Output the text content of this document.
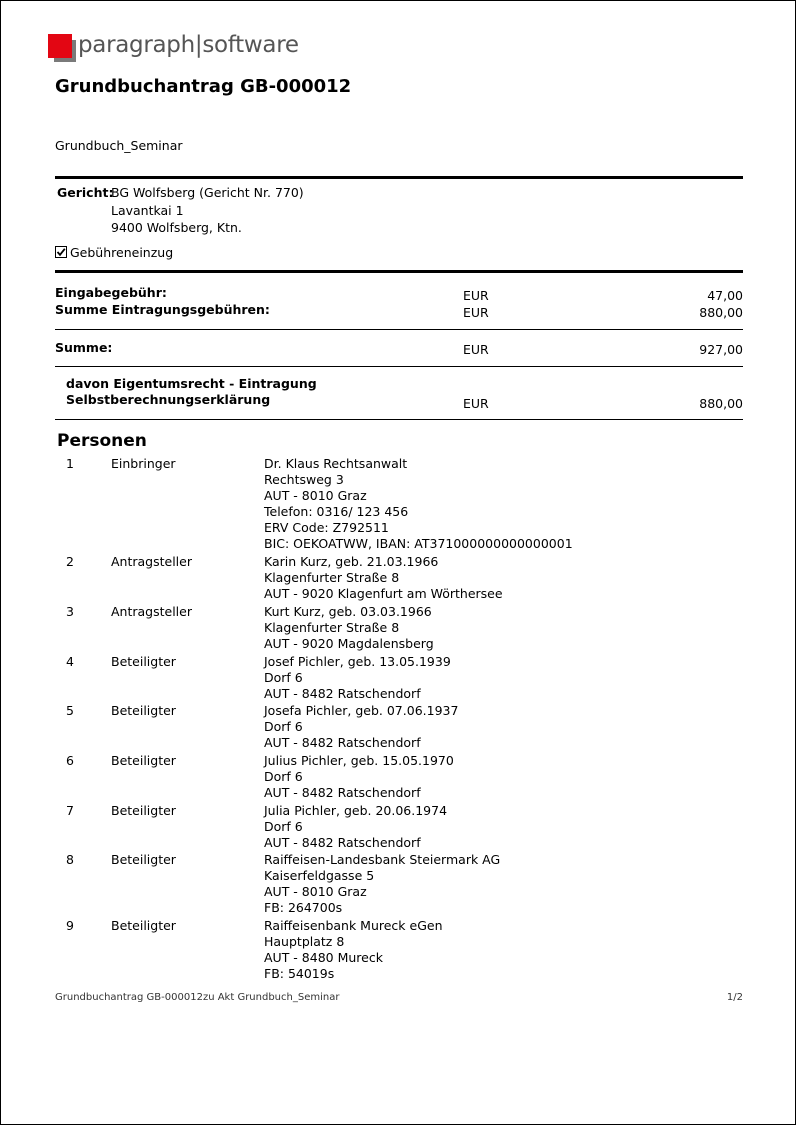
paragraph|software
Grundbuchantrag GB-000012
Grundbuch_Seminar
Gericht:
BG Wolfsberg (Gericht Nr. 770)
Lavantkai 1
9400 Wolfsberg, Ktn.
Gebühreneinzug
Eingabegebühr:	EUR	47,00
Summe Eintragungsgebühren:	EUR	880,00
Summe:	EUR	927,00
davon Eigentumsrecht - Eintragung
Selbstberechnungserklärung	EUR	880,00
Personen
1	Einbringer	Dr. Klaus Rechtsanwalt
Rechtsweg 3
AUT - 8010 Graz
Telefon: 0316/ 123 456
ERV Code: Z792511
BIC: OEKOATWW, IBAN: AT371000000000000001
2	Antragsteller	Karin Kurz, geb. 21.03.1966
Klagenfurter Straße 8
AUT - 9020 Klagenfurt am Wörthersee
3	Antragsteller	Kurt Kurz, geb. 03.03.1966
Klagenfurter Straße 8
AUT - 9020 Magdalensberg
4	Beteiligter	Josef Pichler, geb. 13.05.1939
Dorf 6
AUT - 8482 Ratschendorf
5	Beteiligter	Josefa Pichler, geb. 07.06.1937
Dorf 6
AUT - 8482 Ratschendorf
6	Beteiligter	Julius Pichler, geb. 15.05.1970
Dorf 6
AUT - 8482 Ratschendorf
7	Beteiligter	Julia Pichler, geb. 20.06.1974
Dorf 6
AUT - 8482 Ratschendorf
8	Beteiligter	Raiffeisen-Landesbank Steiermark AG
Kaiserfeldgasse 5
AUT - 8010 Graz
FB: 264700s
9	Beteiligter	Raiffeisenbank Mureck eGen
Hauptplatz 8
AUT - 8480 Mureck
FB: 54019s
Grundbuchantrag GB-000012zu Akt Grundbuch_Seminar	1/2
